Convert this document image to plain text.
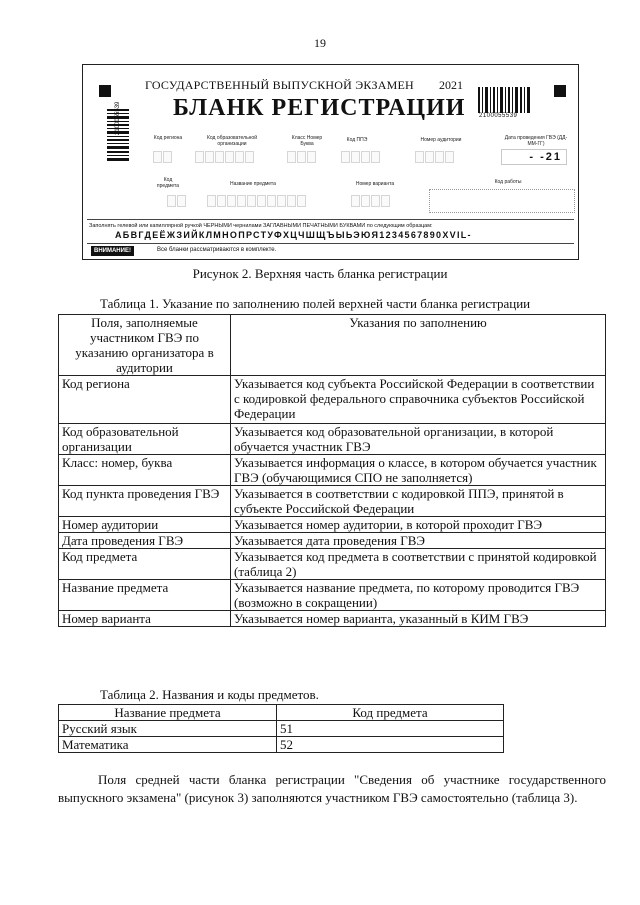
19
ГОСУДАРСТВЕННЫЙ ВЫПУСКНОЙ ЭКЗАМЕН 2021
БЛАНК РЕГИСТРАЦИИ
2100055539	2100055539
Код региона	Код образовательной организации
Класс Номер Буква
Код ППЭ	Номер аудитории	Дата проведения ГВЭ (ДД-ММ-ГГ)
- -21
Код предмета	Название предмета	Номер варианта	Код работы
Заполнять гелевой или капиллярной ручкой ЧЕРНЫМИ чернилами ЗАГЛАВНЫМИ ПЕЧАТНЫМИ БУКВАМИ по следующим образцам:
АБВГДЕЁЖЗИЙКЛМНОПРСТУФХЦЧШЩЪЫЬЭЮЯ1234567890XVIL-
ВНИМАНИЕ!	Все бланки рассматриваются в комплекте.
Рисунок 2. Верхняя часть бланка регистрации
Таблица 1. Указание по заполнению полей верхней части бланка регистрации
Поля, заполняемые участником ГВЭ по указанию организатора в аудитории	Указания по заполнению
Код региона	Указывается код субъекта Российской Федерации в соответствии с кодировкой федерального справочника субъектов Российской Федерации
Код образовательной организации	Указывается код образовательной организации, в которой обучается участник ГВЭ
Класс: номер, буква	Указывается информация о классе, в котором обучается участник ГВЭ (обучающимися СПО не заполняется)
Код пункта проведения ГВЭ	Указывается в соответствии с кодировкой ППЭ, принятой в субъекте Российской Федерации
Номер аудитории	Указывается номер аудитории, в которой проходит ГВЭ
Дата проведения ГВЭ	Указывается дата проведения ГВЭ
Код предмета	Указывается код предмета в соответствии с принятой кодировкой (таблица 2)
Название предмета	Указывается название предмета, по которому проводится ГВЭ (возможно в сокращении)
Номер варианта	Указывается номер варианта, указанный в КИМ ГВЭ
Таблица 2. Названия и коды предметов.
Название предмета	Код предмета
Русский язык	51
Математика	52
Поля средней части бланка регистрации "Сведения об участнике государственного выпускного экзамена" (рисунок 3) заполняются участником ГВЭ самостоятельно (таблица 3).
